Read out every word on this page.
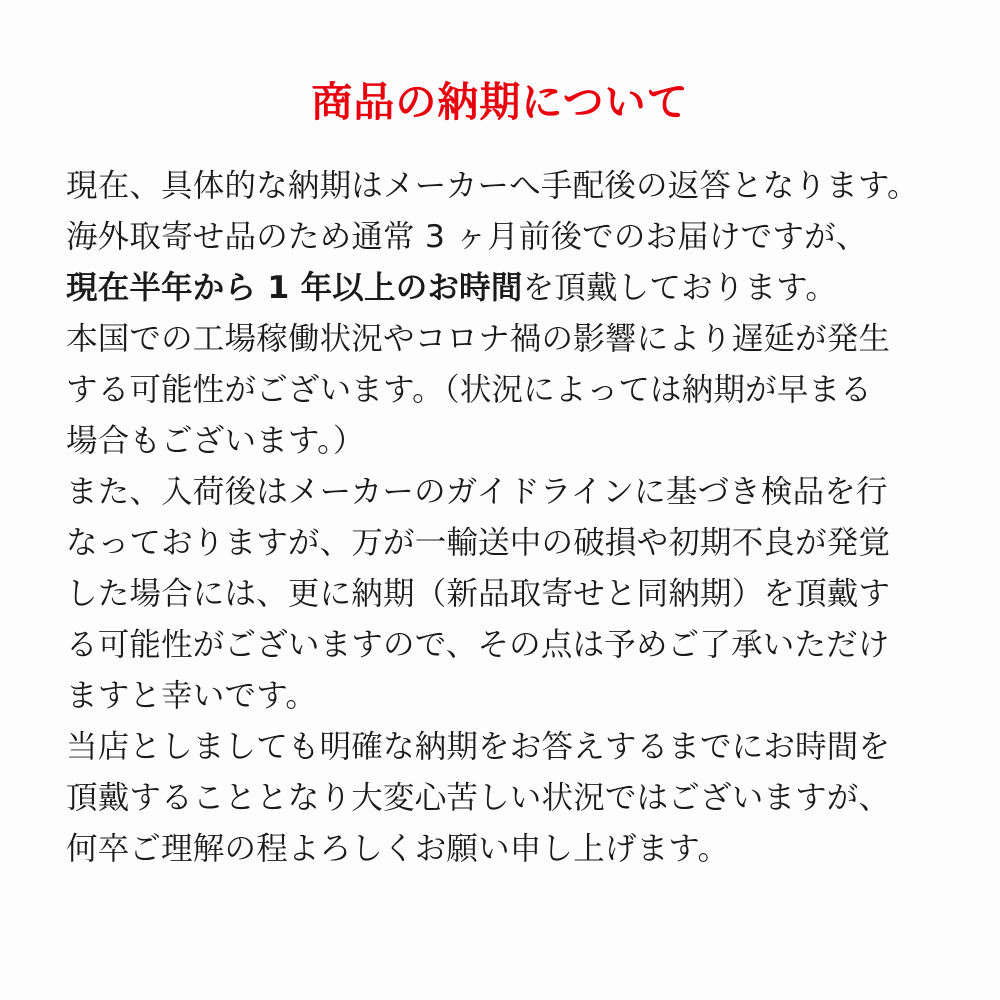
商品の納期について
現在、具体的な納期はメーカーへ手配後の返答となります。
海外取寄せ品のため通常 3 ヶ月前後でのお届けですが、
現在半年から 1 年以上のお時間を頂戴しております。
本国での工場稼働状況やコロナ禍の影響により遅延が発生
する可能性がございます。（状況によっては納期が早まる
場合もございます。）
また、入荷後はメーカーのガイドラインに基づき検品を行
なっておりますが、万が一輸送中の破損や初期不良が発覚
した場合には、更に納期（新品取寄せと同納期）を頂戴す
る可能性がございますので、その点は予めご了承いただけ
ますと幸いです。
当店としましても明確な納期をお答えするまでにお時間を
頂戴することとなり大変心苦しい状況ではございますが、
何卒ご理解の程よろしくお願い申し上げます。
